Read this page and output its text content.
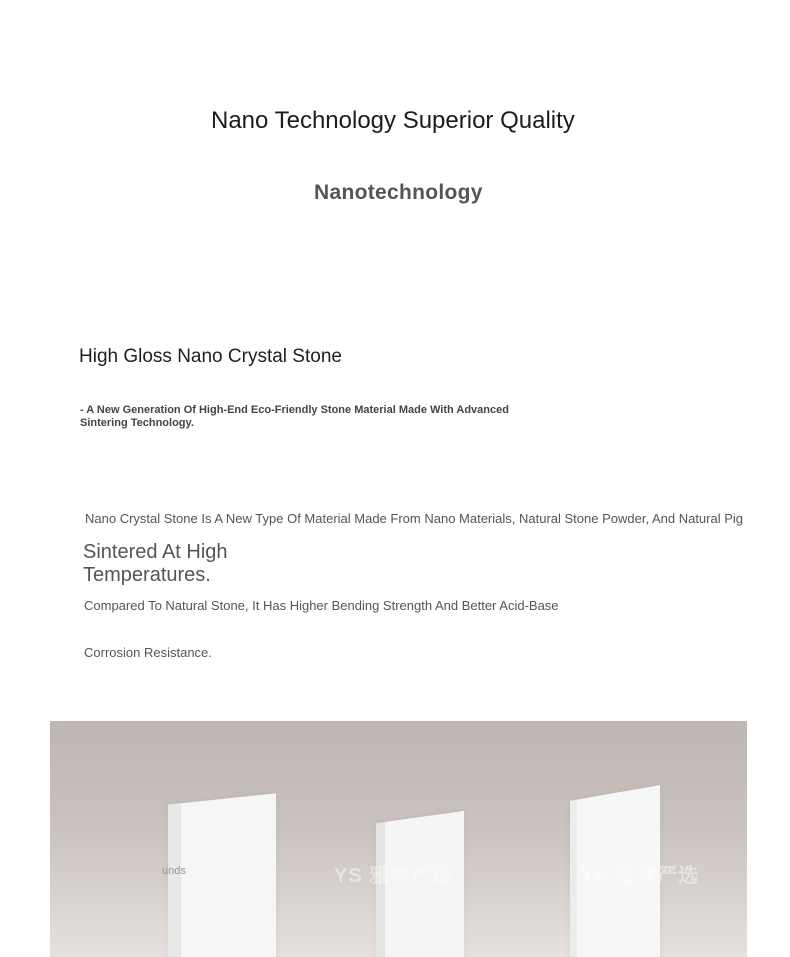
Nano Technology Superior Quality
Nanotechnology
High Gloss Nano Crystal Stone
- A New Generation Of High-End Eco-Friendly Stone Material Made With Advanced Sintering Technology.
Nano Crystal Stone Is A New Type Of Material Made From Nano Materials, Natural Stone Powder, And Natural Pig
Sintered At High Temperatures.
Compared To Natural Stone, It Has Higher Bending Strength And Better Acid-Base
Corrosion Resistance.
unds	YS 雅客严选	YS 雅客严选
